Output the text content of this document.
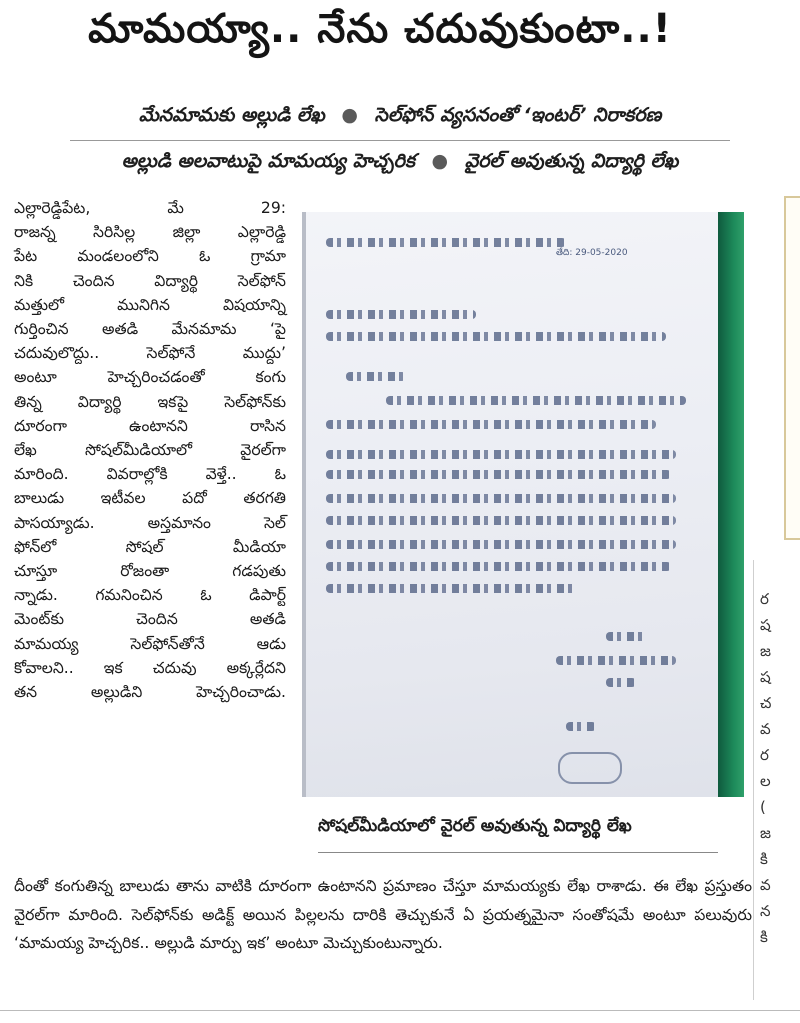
మామయ్యా.. నేను చదువుకుంటా..!
మేనమామకు అల్లుడి లేఖ ● సెల్‌ఫోన్‌ వ్యసనంతో ‘ఇంటర్‌’ నిరాకరణ
అల్లుడి అలవాటుపై మామయ్య హెచ్చరిక ● వైరల్‌ అవుతున్న విద్యార్థి లేఖ
ఎల్లారెడ్డిపేట, మే 29:
రాజన్న సిరిసిల్ల జిల్లా ఎల్లారెడ్డి
పేట మండలంలోని ఓ గ్రామా
నికి చెందిన విద్యార్థి సెల్‌ఫోన్‌
మత్తులో మునిగిన విషయాన్ని
గుర్తించిన అతడి మేనమామ ‘పై
చదువులొద్దు.. సెల్‌ఫోనే ముద్దు’
అంటూ హెచ్చరించడంతో కంగు
తిన్న విద్యార్థి ఇకపై సెల్‌ఫోన్‌కు
దూరంగా ఉంటానని రాసిన
లేఖ సోషల్‌మీడియాలో వైరల్‌గా
మారింది. వివరాల్లోకి వెళ్తే.. ఓ
బాలుడు ఇటీవల పదో తరగతి
పాసయ్యాడు. అస్తమానం సెల్‌
ఫోన్‌లో సోషల్‌ మీడియా
చూస్తూ రోజంతా గడపుతు
న్నాడు. గమనించిన ఓ డిపార్ట్‌
మెంట్‌కు చెందిన అతడి
మామయ్య సెల్‌ఫోన్‌తోనే ఆడు
కోవాలని.. ఇక చదువు అక్కర్లేదని
తన అల్లుడిని హెచ్చరించాడు.
తేది: 29-05-2020
సోషల్‌మీడియాలో వైరల్‌ అవుతున్న విద్యార్థి లేఖ
దీంతో కంగుతిన్న బాలుడు తాను వాటికి దూరంగా ఉంటానని ప్రమాణం చేస్తూ మామయ్యకు లేఖ రాశాడు. ఈ లేఖ ప్రస్తుతం వైరల్‌గా మారింది. సెల్‌ఫోన్‌కు అడిక్ట్‌ అయిన పిల్లలను దారికి తెచ్చుకునే ఏ ప్రయత్నమైనా సంతోషమే అంటూ పలువురు ‘మామయ్య హెచ్చరిక.. అల్లుడి మార్పు ఇక’ అంటూ మెచ్చుకుంటున్నారు.
ర
ష
జ
ష
చ
వ
ర
ల
(
జ
కి
వ
న
కి
